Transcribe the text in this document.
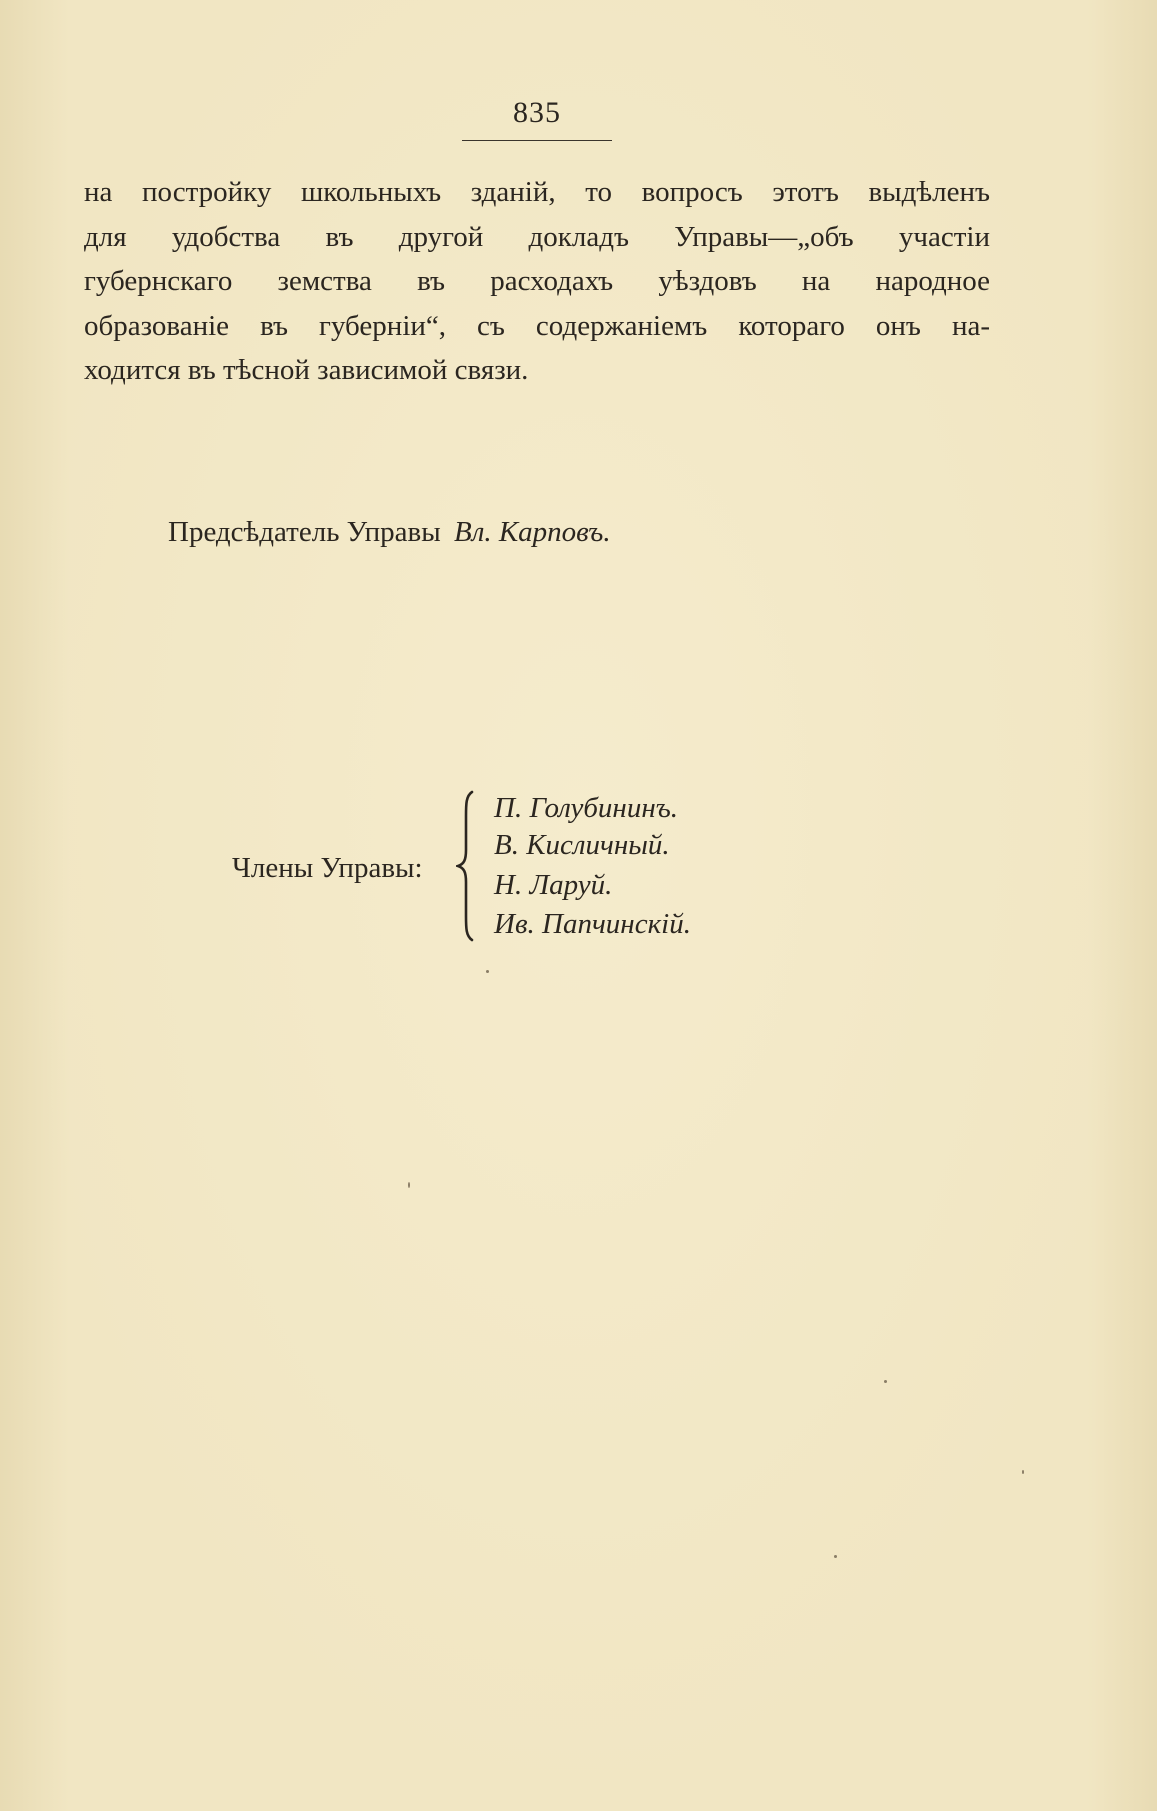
835
на постройку школьныхъ зданій, то вопросъ этотъ выдѣленъ
для удобства въ другой докладъ Управы—„объ участіи
губернскаго земства въ расходахъ уѣздовъ на народное
образованіе въ губерніи“, съ содержаніемъ котораго онъ на-
ходится въ тѣсной зависимой связи.
Предсѣдатель Управы Вл. Карповъ.
Члены Управы:
П. Голубининъ.
В. Кисличный.
Н. Ларуй.
Ив. Папчинскій.
